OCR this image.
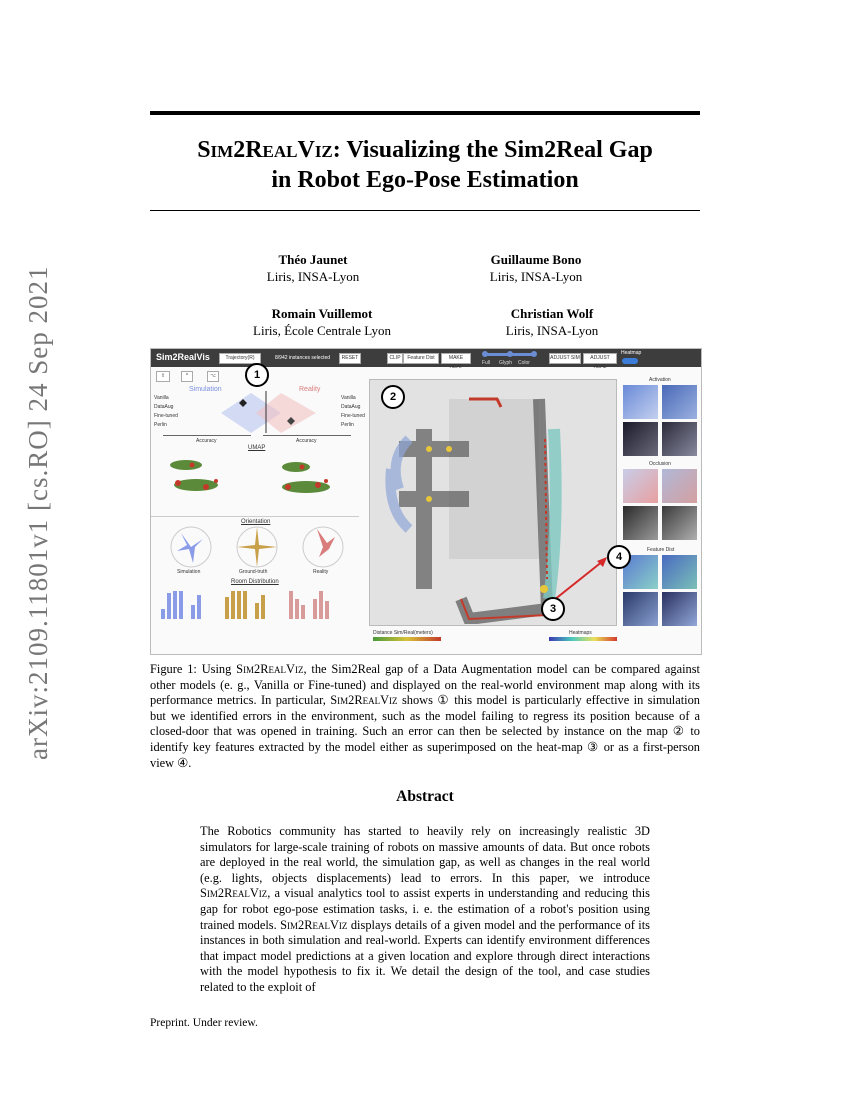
arXiv:2109.11801v1 [cs.RO] 24 Sep 2021
Sim2RealViz: Visualizing the Sim2Real Gap
in Robot Ego-Pose Estimation
Théo Jaunet
Liris, INSA-Lyon
Guillaume Bono
Liris, INSA-Lyon
Romain Vuillemot
Liris, École Centrale Lyon
Christian Wolf
Liris, INSA-Lyon
Sim2RealVis	Trajectory(R)	8/942 instances selected	RESET	CLIP	Feature Dist	MAKE HEAT
Full Glyph Color
ADJUST SIM	ADJUST REAL
Heatmap
⇧	^	⌥
Simulation	Reality
Vanilla
DataAug
Fine-tuned
Perlin
Vanilla
DataAug
Fine-tuned
Perlin
Accuracy	Accuracy
UMAP
Orientation
Simulation	Ground-truth	Reality
Room Distribution
Distance Sim/Real(meters)	Heatmaps
Activation
Occlusion
Feature Dist
1
2
3
4
Figure 1: Using Sim2RealViz, the Sim2Real gap of a Data Augmentation model can be compared against other models (e. g., Vanilla or Fine-tuned) and displayed on the real-world environment map along with its performance metrics. In particular, Sim2RealViz shows ① this model is particularly effective in simulation but we identified errors in the environment, such as the model failing to regress its position because of a closed-door that was opened in training. Such an error can then be selected by instance on the map ② to identify key features extracted by the model either as superimposed on the heat-map ③ or as a first-person view ④.
Abstract
The Robotics community has started to heavily rely on increasingly realistic 3D simulators for large-scale training of robots on massive amounts of data. But once robots are deployed in the real world, the simulation gap, as well as changes in the real world (e.g. lights, objects displacements) lead to errors. In this paper, we introduce Sim2RealViz, a visual analytics tool to assist experts in understanding and reducing this gap for robot ego-pose estimation tasks, i. e. the estimation of a robot's position using trained models. Sim2RealViz displays details of a given model and the performance of its instances in both simulation and real-world. Experts can identify environment differences that impact model predictions at a given location and explore through direct interactions with the model hypothesis to fix it. We detail the design of the tool, and case studies related to the exploit of
Preprint. Under review.
